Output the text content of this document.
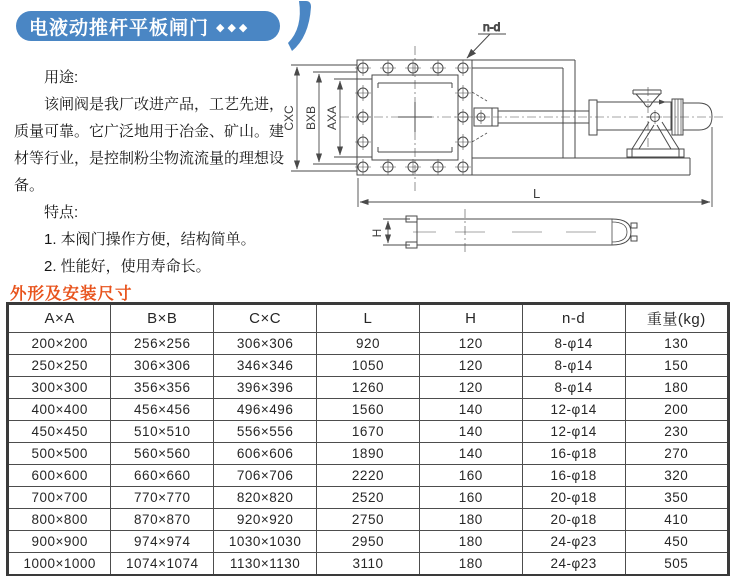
电液动推杆平板闸门 ◆◆◆
用途:
该闸阀是我厂改进产品，工艺先进，质量可靠。它广泛地用于冶金、矿山。建材等行业，是控制粉尘物流流量的理想设备。
特点:
1. 本阀门操作方便，结构简单。
2. 性能好，使用寿命长。
n-d
CXC BXB AXA
L
H
外形及安装尺寸
A×A	B×B	C×C	L	H	n-d	重量(kg)
200×200	256×256	306×306	920	120	8-φ14	130
250×250	306×306	346×346	1050	120	8-φ14	150
300×300	356×356	396×396	1260	120	8-φ14	180
400×400	456×456	496×496	1560	140	12-φ14	200
450×450	510×510	556×556	1670	140	12-φ14	230
500×500	560×560	606×606	1890	140	16-φ18	270
600×600	660×660	706×706	2220	160	16-φ18	320
700×700	770×770	820×820	2520	160	20-φ18	350
800×800	870×870	920×920	2750	180	20-φ18	410
900×900	974×974	1030×1030	2950	180	24-φ23	450
1000×1000	1074×1074	1130×1130	3110	180	24-φ23	505
